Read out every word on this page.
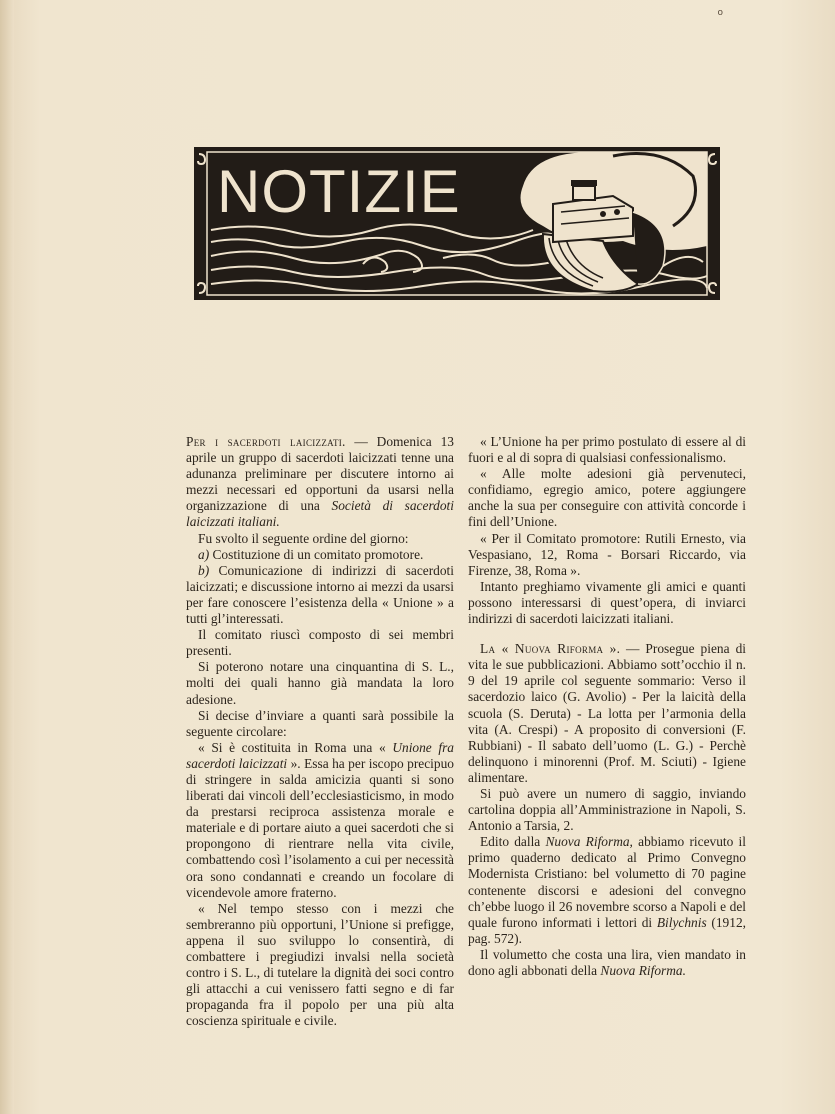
o
NOTIZIE

Per i sacerdoti laicizzati. — Domenica 13 aprile un gruppo di sacerdoti laicizzati tenne una adunanza preliminare per discutere intorno ai mezzi necessari ed opportuni da usarsi nella organizzazione di una Società di sacerdoti laicizzati italiani.

Fu svolto il seguente ordine del giorno:

a) Costituzione di un comitato promotore.

b) Comunicazione di indirizzi di sacerdoti laicizzati; e discussione intorno ai mezzi da usarsi per fare conoscere l’esistenza della « Unione » a tutti gl’interessati.

Il comitato riuscì composto di sei membri presenti.

Si poterono notare una cinquantina di S. L., molti dei quali hanno già mandata la loro adesione.

Si decise d’inviare a quanti sarà possibile la seguente circolare:

« Si è costituita in Roma una « Unione fra sacerdoti laicizzati ». Essa ha per iscopo precipuo di stringere in salda amicizia quanti si sono liberati dai vincoli dell’ecclesiasticismo, in modo da prestarsi reciproca assistenza morale e materiale e di portare aiuto a quei sacerdoti che si propongono di rientrare nella vita civile, combattendo così l’isolamento a cui per necessità ora sono condannati e creando un focolare di vicendevole amore fraterno.

« Nel tempo stesso con i mezzi che sembreranno più opportuni, l’Unione si prefigge, appena il suo sviluppo lo consentirà, di combattere i pregiudizi invalsi nella società contro i S. L., di tutelare la dignità dei soci contro gli attacchi a cui venissero fatti segno e di far propaganda fra il popolo per una più alta coscienza spirituale e civile.

« L’Unione ha per primo postulato di essere al di fuori e al di sopra di qualsiasi confessionalismo.

« Alle molte adesioni già pervenuteci, confidiamo, egregio amico, potere aggiungere anche la sua per conseguire con attività concorde i fini dell’Unione.

« Per il Comitato promotore: Rutili Ernesto, via Vespasiano, 12, Roma - Borsari Riccardo, via Firenze, 38, Roma ».

Intanto preghiamo vivamente gli amici e quanti possono interessarsi di quest’opera, di inviarci indirizzi di sacerdoti laicizzati italiani.

La « Nuova Riforma ». — Prosegue piena di vita le sue pubblicazioni. Abbiamo sott’occhio il n. 9 del 19 aprile col seguente sommario: Verso il sacerdozio laico (G. Avolio) - Per la laicità della scuola (S. Deruta) - La lotta per l’armonia della vita (A. Crespi) - A proposito di conversioni (F. Rubbiani) - Il sabato dell’uomo (L. G.) - Perchè delinquono i minorenni (Prof. M. Sciuti) - Igiene alimentare.

Si può avere un numero di saggio, inviando cartolina doppia all’Amministrazione in Napoli, S. Antonio a Tarsia, 2.

Edito dalla Nuova Riforma, abbiamo ricevuto il primo quaderno dedicato al Primo Convegno Modernista Cristiano: bel volumetto di 70 pagine contenente discorsi e adesioni del convegno ch’ebbe luogo il 26 novembre scorso a Napoli e del quale furono informati i lettori di Bilychnis (1912, pag. 572).

Il volumetto che costa una lira, vien mandato in dono agli abbonati della Nuova Riforma.
